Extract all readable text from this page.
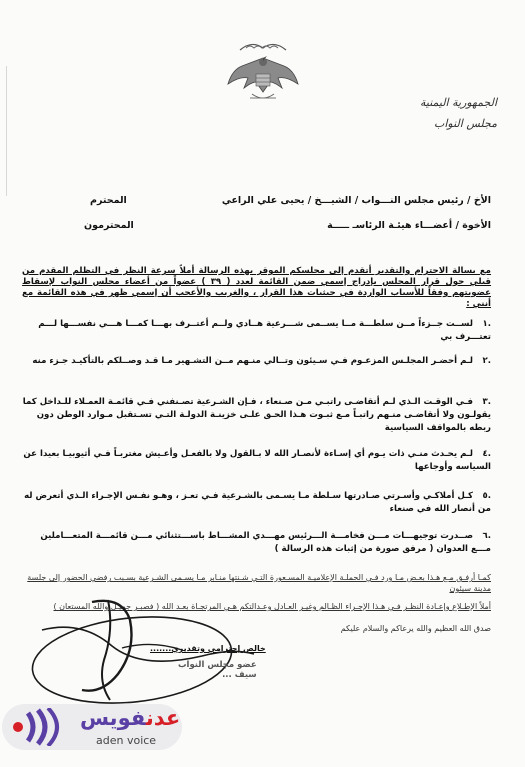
الجمهورية اليمنية
مجلس النواب
الأخ / رئيس مجلس النـــواب / الشيـــخ / يحيى علي الراعي
المحترم
الأخوة / أعضـــاء هيئـة الرئاسـ ـــــة
المحترمون
مع بسالة الاحترام والتقدير أتقدم إلى مجلسكم الموقر بهذه الرسالة أملاً سرعة النظر في التظلم المقدم من قبلي حول قرار المجلس بإدراج إسمي ضمن القائمة لعدد ( ٣٩ ) عضواً من أعضاء مجلس النواب لإسقاط عضويتهم وفقاً للأسباب الواردة في حيثيات هذا القرار ، والغريب والأعجب أن إسمي ظهر في هذه القائمة مع أنني :
.١لســت جــزءاً مــن سلطـــة مــا يســمى شـــرعية هــادي ولــم أعتــرف بهـــا كمـــا هـــي نفســـها لـــم تعتـــرف بي
.٢لـم أحضـر المجلـس المزعـوم فـي سـيئون وتــالي منـهم مــن التشـهير مـا قـد وصــلكم بالتأكيـد جـزء منه
.٣فـي الوقـت الـذي لـم أتقاضـى راتبـي مـن صـنعاء ، فـإن الشـرعية تصـنفني فـي قائمـة العمـلاء للـداخل كما يقولـون ولا أتقاضـى منـهم راتبـاً مـع ثبـوت هـذا الحـق علـى خزينـة الدولـة التـي تسـتقبل مـوارد الوطن دون ربطه بالمواقف السياسية
.٤لـم يحـدث منـي ذات يـوم أي إسـاءة لأنصـار الله لا بـالقول ولا بالفعـل وأعـيش مغتربـاً فـي أثيوبيـا بعيدا عن السياسه وأوجاعها
.٥كـل أملاكـي وأسـرتي صـادرتها سـلطة مـا يسـمى بالشـرعية فـي تعـز ، وهـو نفـس الإجـراء الـذي أتعرض له من أنصار الله في صنعاء
.٦صــدرت توجيهـــات مـــن فخامـــة الـــرئيس مهـــدي المشـــاط باســـتثنائي مـــن قائمـــة المتعـــاملين مـــع العدوان ( مرفق صورة من إثبات هذه الرسالة )
كمـا أرفـق مـع هـذا بعـض مـا ورد فـي الحملـة الإعلاميـة المسـعورة التـي شـنتها منـابر مـا يسـمى الشـرعية بسـبب رفضي الحضور إلى جلسة مدينة سيئون
أملاً الإطـلاع وإعـادة النظـر فـي هـذا الإجـراء الظـالم وغيـر العـادل وعـدالتكم هـي المرتجـاة بعـد الله ( فصبـر جميـل والله المستعان )
صدق الله العظيم والله يرعاكم والسلام عليكم
خالص إحترامي وتقديري.......
عضو مجلس النواب
سيف ...
عدنفويس
aden voice
